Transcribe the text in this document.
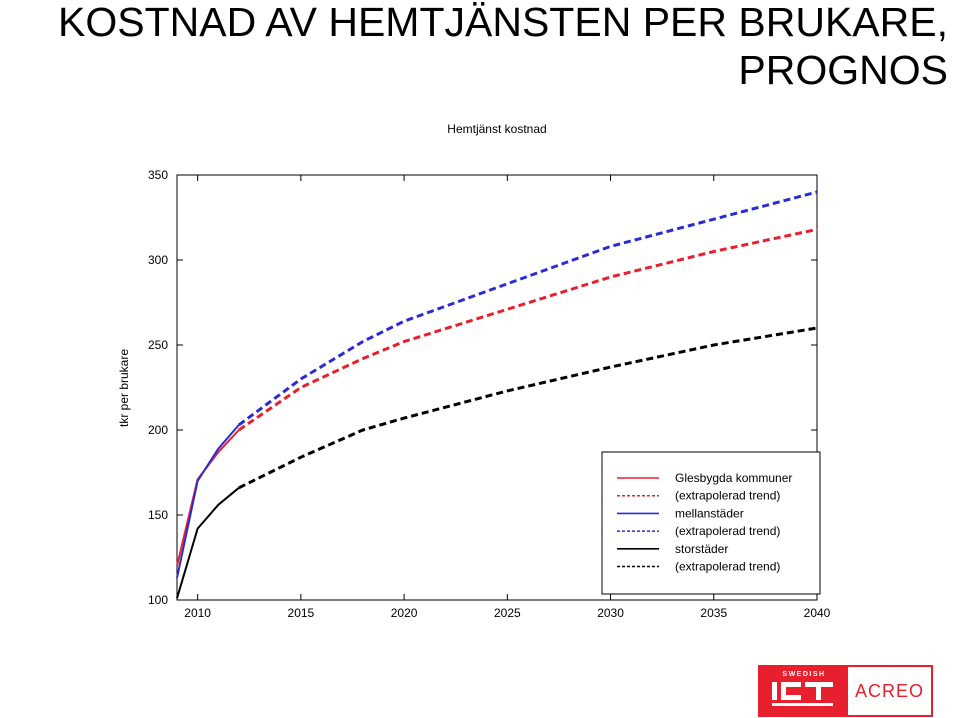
KOSTNAD AV HEMTJÄNSTEN PER BRUKARE,
PROGNOS
Hemtjänst kostnad
tkr per brukare
2010	2015	2020	2025	2030	2035	2040
100
150
200
250
300
350
Glesbygda kommuner
(extrapolerad trend)
mellanstäder
(extrapolerad trend)
storstäder
(extrapolerad trend)
SWEDISH
ACREO
